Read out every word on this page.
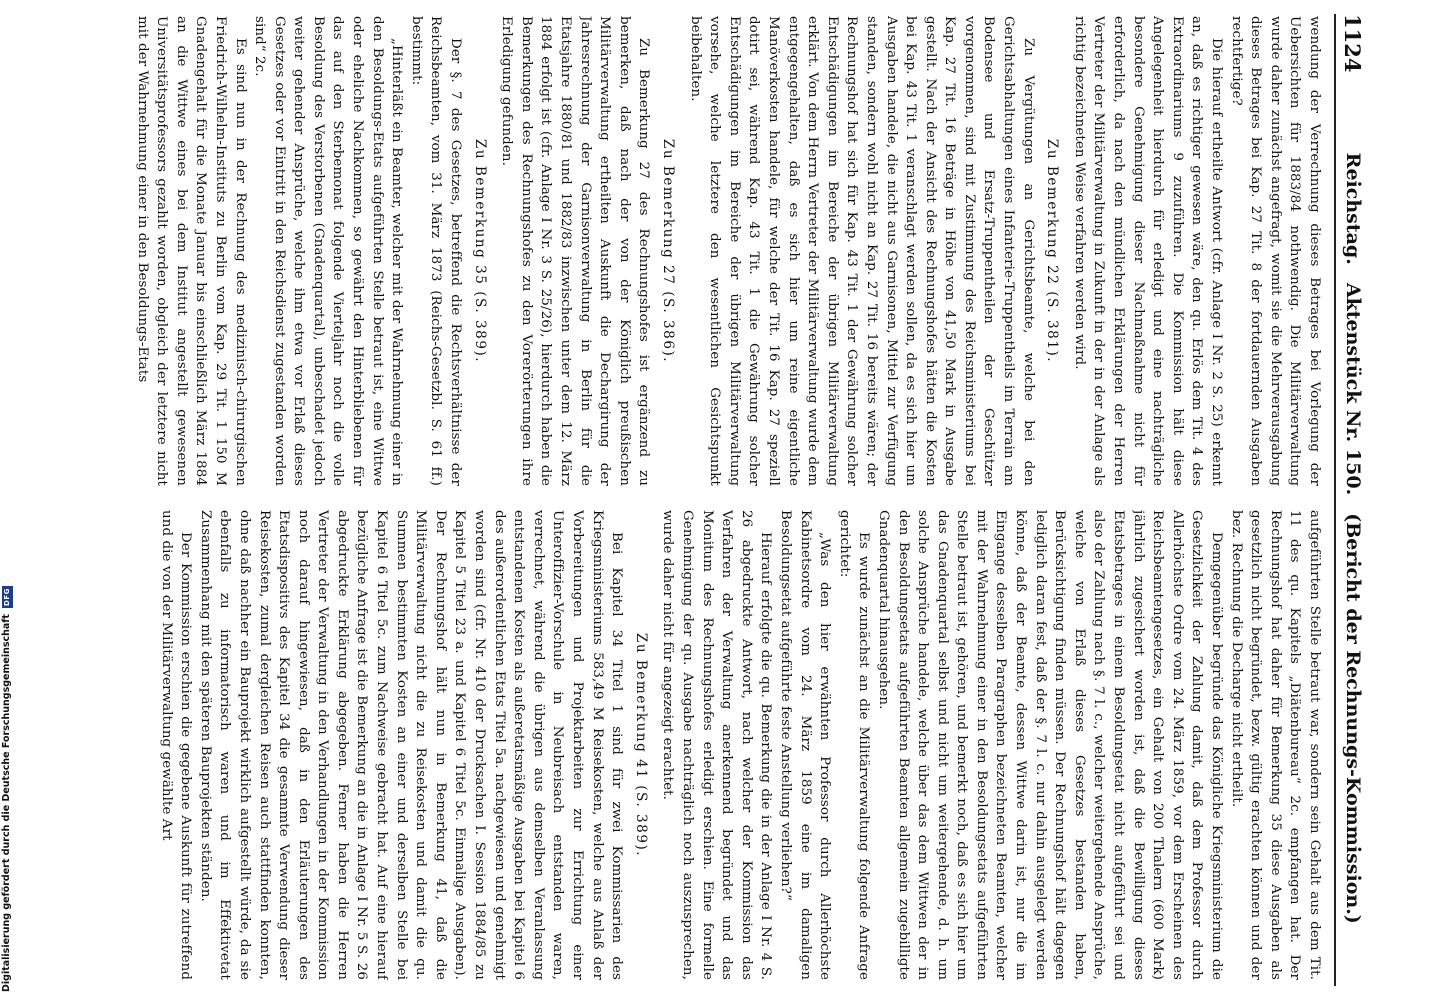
1124
Reichstag.
Aktenstück Nr. 150.
(Bericht der Rechnungs-Kommission.)

wendung der Verrechnung dieses Betrages bei Vorlegung der Uebersichten für 1883/84 nothwendig. Die Militärverwaltung wurde daher zunächst angefragt, womit sie die Mehrverausgabung dieses Betrages bei Kap. 27 Tit. 8 der fortdauernden Ausgaben rechtfertige?

Die hierauf ertheilte Antwort (cfr. Anlage I Nr. 2 S. 25) erkennt an, daß es richtiger gewesen wäre, den qu. Erlös dem Tit. 4 des Extraordinariums 9 zuzuführen. Die Kommission hält diese Angelegenheit hierdurch für erledigt und eine nachträgliche besondere Genehmigung dieser Nachmaßnahme nicht für erforderlich, da nach den mündlichen Erklärungen der Herren Vertreter der Militärverwaltung in Zukunft in der in der Anlage als richtig bezeichneten Weise verfahren werden wird.

Zu Bemerkung 22 (S. 381).

Zu Vergütungen an Gerichtsbeamte, welche bei den Gerichtsabhaltungen eines Infanterie-Truppentheils im Terrain am Bodensee und Ersatz-Truppentheilen der Geschützer vorgenommen, sind mit Zustimmung des Reichsministeriums bei Kap. 27 Tit. 16 Beträge in Höhe von 41,50 Mark in Ausgabe gestellt. Nach der Ansicht des Rechnungshofes hätten die Kosten bei Kap. 43 Tit. 1 veranschlagt werden sollen, da es sich hier um Ausgaben handele, die nicht aus Garnisonen, Mittel zur Verfügung standen, sondern wohl nicht an Kap. 27 Tit. 16 bereits wären; der Rechnungshof hat sich für Kap. 43 Tit. 1 der Gewährung solcher Entschädigungen im Bereiche der übrigen Militärverwaltung erklärt. Von dem Herrn Vertreter der Militärverwaltung wurde dem entgegengehalten, daß es sich hier um reine eigentliche Manöverkosten handele, für welche der Tit. 16 Kap. 27 speziell dotirt sei, während Kap. 43 Tit. 1 die Gewährung solcher Entschädigungen im Bereiche der übrigen Militärverwaltung vorsehe, welche letztere den wesentlichen Gesichtspunkt beibehalten.

Zu Bemerkung 27 (S. 386).

Zu Bemerkung 27 des Rechnungshofes ist ergänzend zu bemerken, daß nach der von der Königlich preußischen Militärverwaltung ertheilten Auskunft die Dechargirung der Jahresrechnung der Garnisonverwaltung in Berlin für die Etatsjahre 1880/81 und 1882/83 inzwischen unter dem 12. März 1884 erfolgt ist (cfr. Anlage I Nr. 3 S. 25/26), hierdurch haben die Bemerkungen des Rechnungshofes zu den Vorerörterungen ihre Erledigung gefunden.

Zu Bemerkung 35 (S. 389).

Der §. 7 des Gesetzes, betreffend die Rechtsverhältnisse der Reichsbeamten, vom 31. März 1873 (Reichs-Gesetzbl. S. 61 ff.) bestimmt:

„Hinterläßt ein Beamter, welcher mit der Wahrnehmung einer in den Besoldungs-Etats aufgeführten Stelle betraut ist, eine Wittwe oder eheliche Nachkommen, so gewährt den Hinterbliebenen für das auf den Sterbemonat folgende Vierteljahr noch die volle Besoldung des Verstorbenen (Gnadenquartal), unbeschadet jedoch weiter gehender Ansprüche, welche ihm etwa vor Erlaß dieses Gesetzes oder vor Eintritt in den Reichsdienst zugestanden worden sind“ 2c.

Es sind nun in der Rechnung des medizinisch-chirurgischen Friedrich-Wilhelm-Instituts zu Berlin vom Kap. 29 Tit. 1 150 M Gnadengehalt für die Monate Januar bis einschließlich März 1884 an die Wittwe eines bei dem Institut angestellt gewesenen Universitätsprofessors gezahlt worden, obgleich der letztere nicht mit der Wahrnehmung einer in den Besoldungs-Etats

aufgeführten Stelle betraut war, sondern sein Gehalt aus dem Tit. 11 des qu. Kapitels „Diätenbureau“ 2c. empfangen hat. Der Rechnungshof hat daher für Bemerkung 35 diese Ausgaben als gesetzlich nicht begründet, bezw. gültig erachten können und der bez. Rechnung die Decharge nicht ertheilt.

Demgegenüber begründe das Königliche Kriegsministerium die Gesetzlichkeit der Zahlung damit, daß dem Professor durch Allerhöchste Ordre vom 24. März 1859, vor dem Erscheinen des Reichsbeamtengesetzes, ein Gehalt von 200 Thalern (600 Mark) jährlich zugesichert worden ist, daß die Bewilligung dieses Etatsbetrages in einem Besoldungsetat nicht aufgeführt sei und also der Zahlung nach §. 7 l. c., welcher weitergehende Ansprüche, welche von Erlaß dieses Gesetzes bestanden haben, Berücksichtigung finden müssen. Der Rechnungshof hält dagegen lediglich daran fest, daß der §. 7 l. c. nur dahin ausgelegt werden könne, daß der Beamte, dessen Wittwe darin ist, nur die im Eingange desselben Paragraphen bezeichneten Beamten, welcher mit der Wahrnehmung einer in den Besoldungsetats aufgeführten Stelle betraut ist, gehören, und bemerkt noch, daß es sich hier um das Gnadenquartal selbst und nicht um weitergehende, d. h. um solche Ansprüche handele, welche über das dem Wittwen der in den Besoldungsetats aufgeführten Beamten allgemein zugebilligte Gnadenquartal hinausgehen.

Es wurde zunächst an die Militärverwaltung folgende Anfrage gerichtet:

„Was den hier erwähnten Professor durch Allerhöchste Kabinetsordre vom 24. März 1859 eine im damaligen Besoldungsetat aufgeführte feste Anstellung verliehen?“

Hierauf erfolgte die qu. Bemerkung die in der Anlage I Nr. 4 S. 26 abgedruckte Antwort, nach welcher der Kommission das Verfahren der Verwaltung anerkennend begründet und das Monitum des Rechnungshofes erledigt erschien. Eine formelle Genehmigung der qu. Ausgabe nachträglich noch auszusprechen, wurde daher nicht für angezeigt erachtet.

Zu Bemerkung 41 (S. 389).

Bei Kapitel 34 Titel 1 sind für zwei Kommissarien des Kriegsministeriums 583,49 M Reisekosten, welche aus Anlaß der Vorbereitungen und Projektarbeiten zur Errichtung einer Unteroffizier-Vorschule in Neubreisach entstanden waren, verrechnet, während die übrigen aus demselben Veranlassung entstandenen Kosten als außeretatsmäßige Ausgaben bei Kapitel 6 des außerordentlichen Etats Titel 5a. nachgewiesen und genehmigt worden sind (cfr. Nr. 410 der Drucksachen I. Session 1884/85 zu Kapitel 5 Titel 23 a. und Kapitel 6 Titel 5c. Einmalige Ausgaben). Der Rechnungshof hält nun in Bemerkung 41, daß die Militärverwaltung nicht die zu Reisekosten und damit die qu. Summen bestimmten Kosten an einer und derselben Stelle bei Kapitel 6 Titel 5c. zum Nachweise gebracht hat. Auf eine hierauf bezügliche Anfrage ist die Bemerkung an die in Anlage I Nr. 5 S. 26 abgedruckte Erklärung abgegeben. Ferner haben die Herren Vertreter der Verwaltung in den Verhandlungen in der Kommission noch darauf hingewiesen, daß in den Erläuterungen des Etatsdispositivs des Kapitel 34 die gesammte Verwendung dieser Reisekosten, zumal dergleichen Reisen auch stattfinden konnten, ohne daß nachher ein Bauprojekt wirklich aufgestellt würde, da sie ebenfalls zu informatorisch waren und im Effektivetat Zusammenhang mit den späteren Bauprojekten ständen.

Der Kommission erschien die gegebene Auskunft für zutreffend und die von der Militärverwaltung gewählte Art

Digitalisierung gefördert durch die Deutsche Forschungsgemeinschaft
DFG
